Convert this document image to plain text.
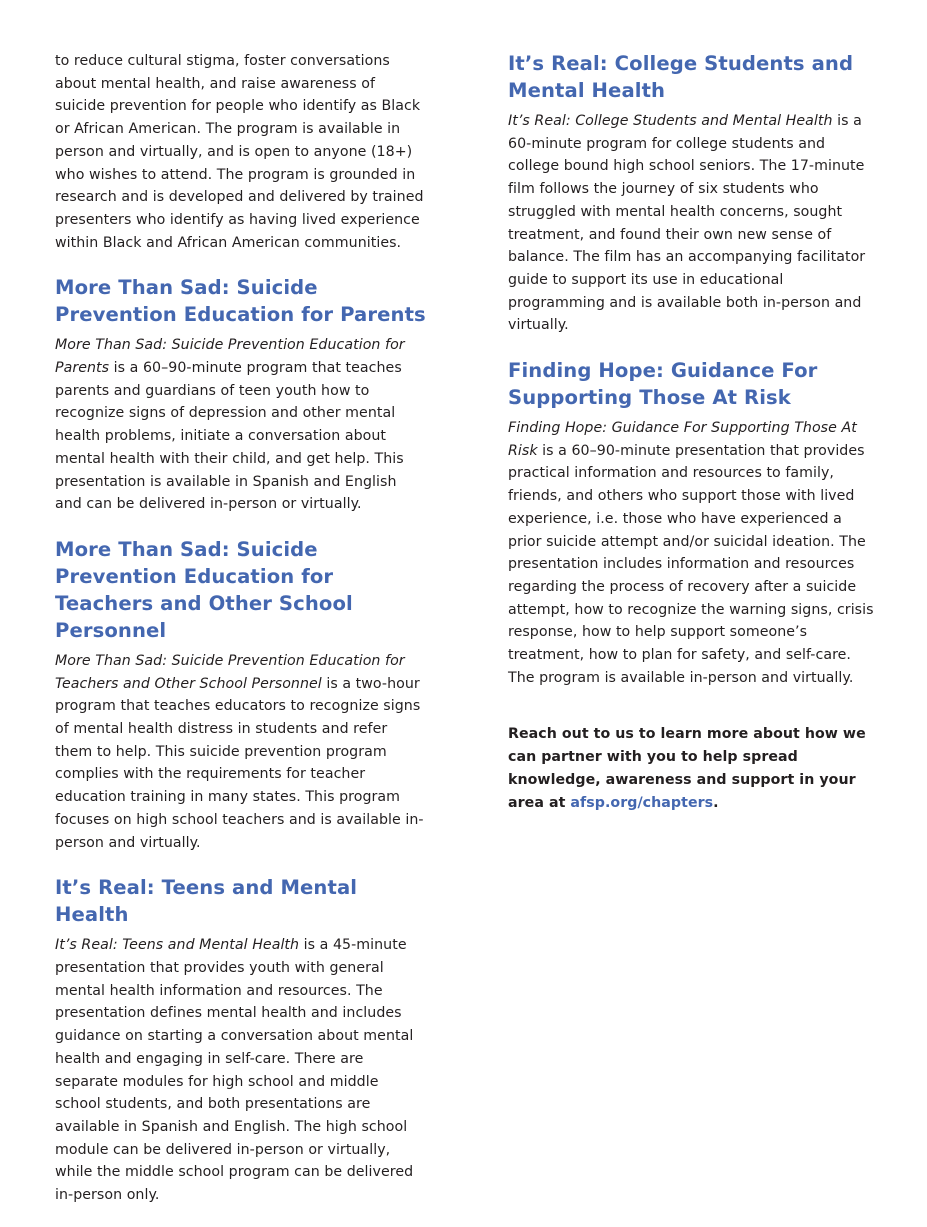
to reduce cultural stigma, foster conversations about mental health, and raise awareness of suicide prevention for people who identify as Black or African American. The program is available in person and virtually, and is open to anyone (18+) who wishes to attend. The program is grounded in research and is developed and delivered by trained presenters who identify as having lived experience within Black and African American communities.

More Than Sad: Suicide Prevention Education for Parents

More Than Sad: Suicide Prevention Education for Parents is a 60–90-minute program that teaches parents and guardians of teen youth how to recognize signs of depression and other mental health problems, initiate a conversation about mental health with their child, and get help. This presentation is available in Spanish and English and can be delivered in-person or virtually.

More Than Sad: Suicide Prevention Education for Teachers and Other School Personnel

More Than Sad: Suicide Prevention Education for Teachers and Other School Personnel is a two-hour program that teaches educators to recognize signs of mental health distress in students and refer them to help. This suicide prevention program complies with the requirements for teacher education training in many states. This program focuses on high school teachers and is available in-person and virtually.

It’s Real: Teens and Mental Health

It’s Real: Teens and Mental Health is a 45-minute presentation that provides youth with general mental health information and resources. The presentation defines mental health and includes guidance on starting a conversation about mental health and engaging in self-care. There are separate modules for high school and middle school students, and both presentations are available in Spanish and English. The high school module can be delivered in-person or virtually, while the middle school program can be delivered in-person only.

It’s Real: College Students and Mental Health

It’s Real: College Students and Mental Health is a 60-minute program for college students and college bound high school seniors. The 17-minute film follows the journey of six students who struggled with mental health concerns, sought treatment, and found their own new sense of balance. The film has an accompanying facilitator guide to support its use in educational programming and is available both in-person and virtually.

Finding Hope: Guidance For Supporting Those At Risk

Finding Hope: Guidance For Supporting Those At Risk is a 60–90-minute presentation that provides practical information and resources to family, friends, and others who support those with lived experience, i.e. those who have experienced a prior suicide attempt and/or suicidal ideation. The presentation includes information and resources regarding the process of recovery after a suicide attempt, how to recognize the warning signs, crisis response, how to help support someone’s treatment, how to plan for safety, and self-care. The program is available in-person and virtually.

Reach out to us to learn more about how we can partner with you to help spread knowledge, awareness and support in your area at afsp.org/chapters.
